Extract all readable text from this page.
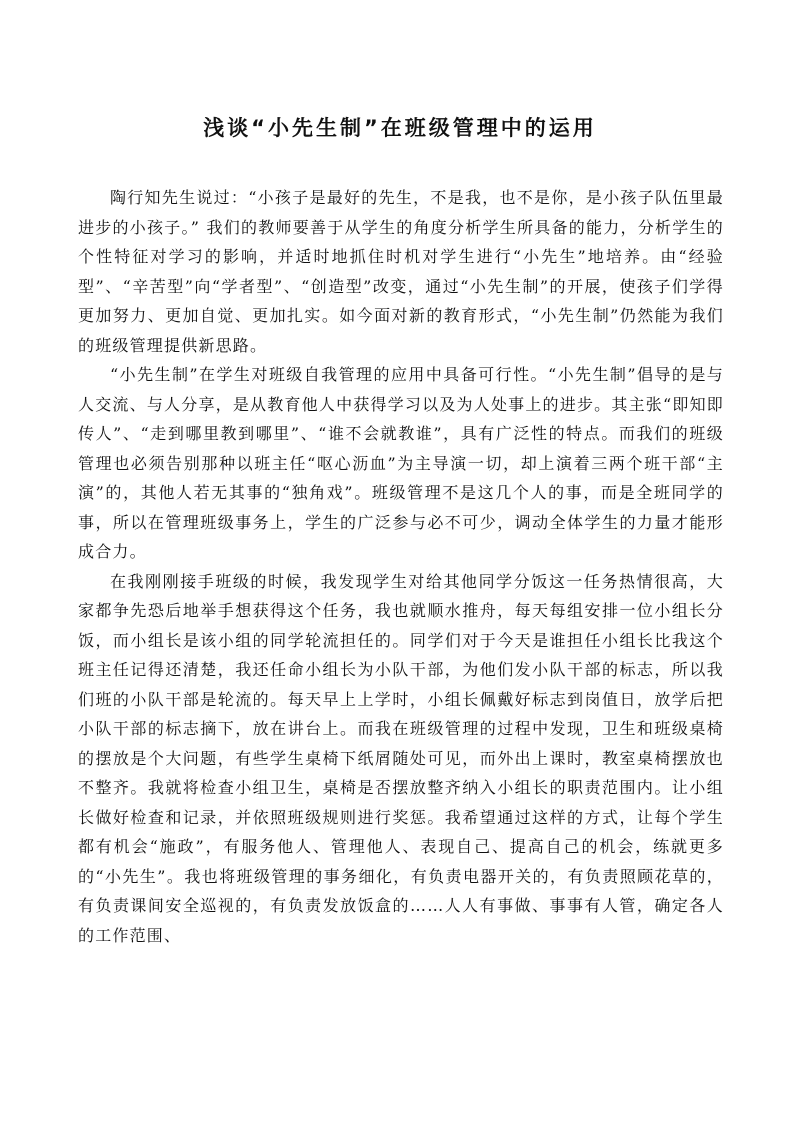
浅谈“小先生制”在班级管理中的运用

陶行知先生说过：“小孩子是最好的先生，不是我，也不是你，是小孩子队伍里最进步的小孩子。” 我们的教师要善于从学生的角度分析学生所具备的能力，分析学生的个性特征对学习的影响，并适时地抓住时机对学生进行“小先生”地培养。由“经验型”、“辛苦型”向“学者型”、“创造型”改变，通过“小先生制”的开展，使孩子们学得更加努力、更加自觉、更加扎实。如今面对新的教育形式，“小先生制”仍然能为我们的班级管理提供新思路。

“小先生制”在学生对班级自我管理的应用中具备可行性。“小先生制”倡导的是与人交流、与人分享，是从教育他人中获得学习以及为人处事上的进步。其主张“即知即传人”、“走到哪里教到哪里”、“谁不会就教谁”，具有广泛性的特点。而我们的班级管理也必须告别那种以班主任“呕心沥血”为主导演一切，却上演着三两个班干部“主演”的，其他人若无其事的“独角戏”。班级管理不是这几个人的事，而是全班同学的事，所以在管理班级事务上，学生的广泛参与必不可少，调动全体学生的力量才能形成合力。

在我刚刚接手班级的时候，我发现学生对给其他同学分饭这一任务热情很高，大家都争先恐后地举手想获得这个任务，我也就顺水推舟，每天每组安排一位小组长分饭，而小组长是该小组的同学轮流担任的。同学们对于今天是谁担任小组长比我这个班主任记得还清楚，我还任命小组长为小队干部，为他们发小队干部的标志，所以我们班的小队干部是轮流的。每天早上上学时，小组长佩戴好标志到岗值日，放学后把小队干部的标志摘下，放在讲台上。而我在班级管理的过程中发现，卫生和班级桌椅的摆放是个大问题，有些学生桌椅下纸屑随处可见，而外出上课时，教室桌椅摆放也不整齐。我就将检查小组卫生，桌椅是否摆放整齐纳入小组长的职责范围内。让小组长做好检查和记录，并依照班级规则进行奖惩。我希望通过这样的方式，让每个学生都有机会“施政”，有服务他人、管理他人、表现自己、提高自己的机会，练就更多的“小先生”。我也将班级管理的事务细化，有负责电器开关的，有负责照顾花草的，有负责课间安全巡视的，有负责发放饭盒的……人人有事做、事事有人管，确定各人的工作范围、
